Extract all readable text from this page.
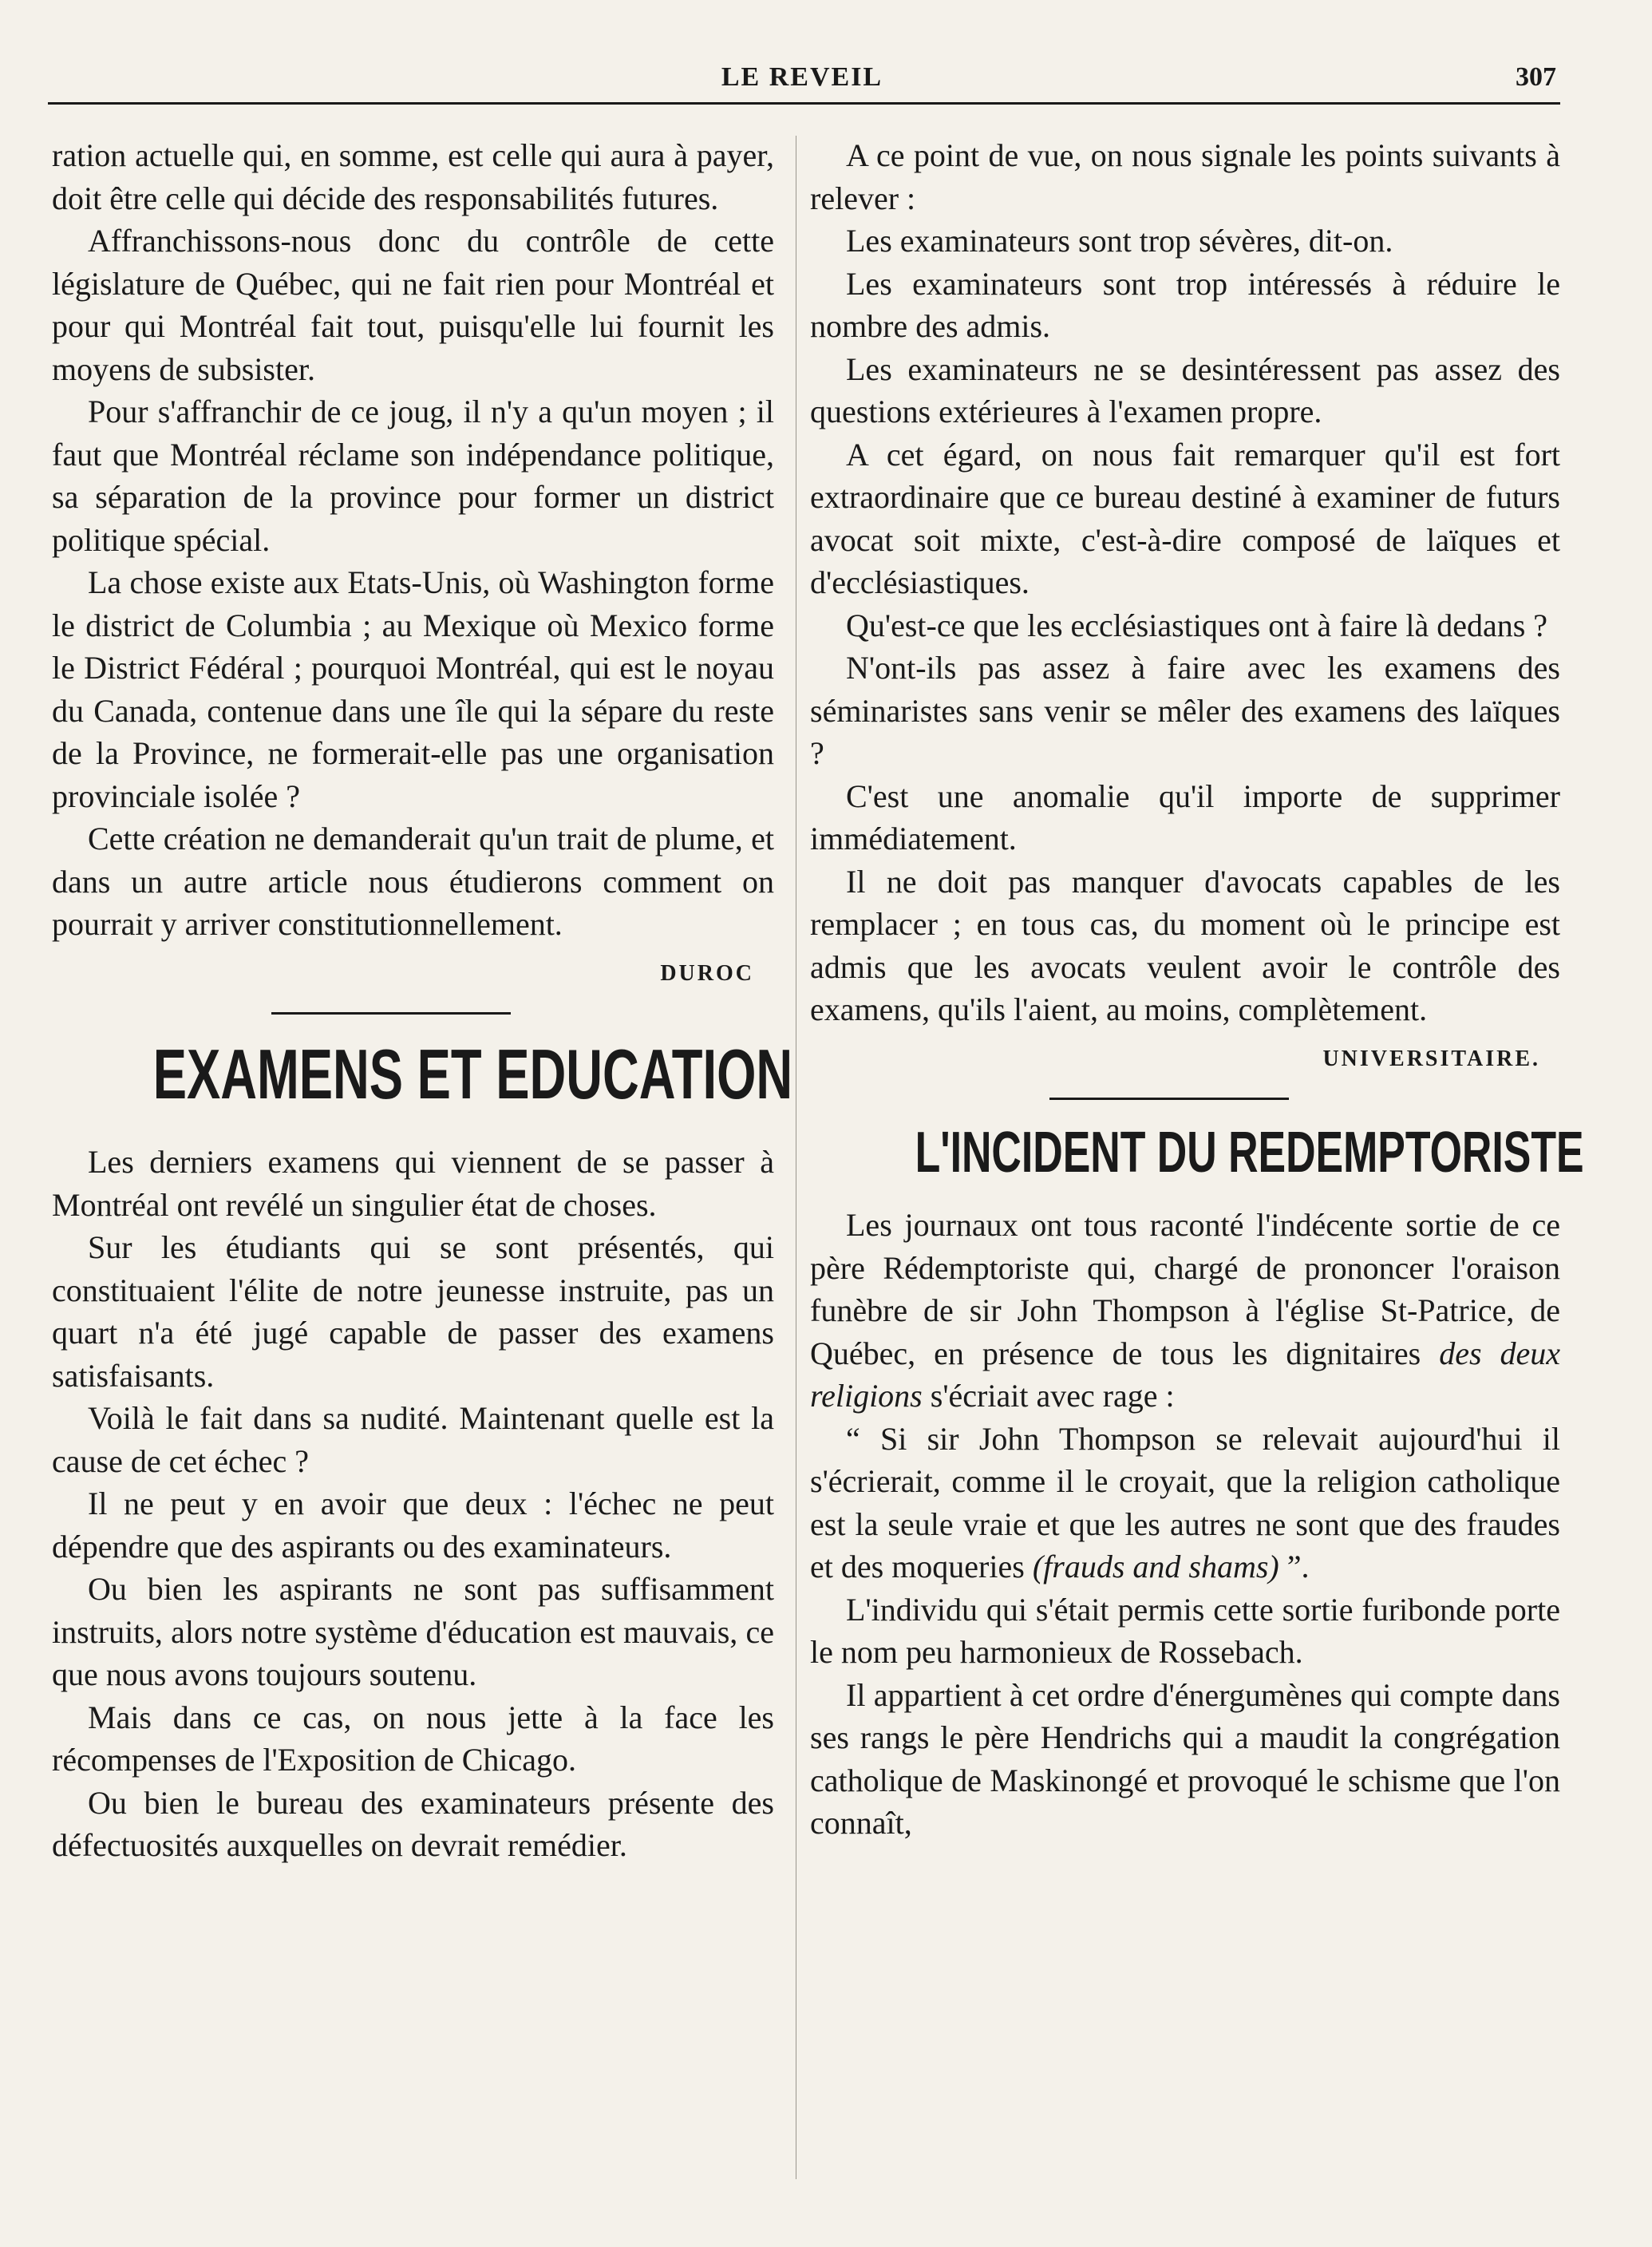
LE REVEIL	307

ration actuelle qui, en somme, est celle qui aura à payer, doit être celle qui décide des responsabilités futures.

Affranchissons-nous donc du contrôle de cette législature de Québec, qui ne fait rien pour Montréal et pour qui Montréal fait tout, puisqu'elle lui fournit les moyens de subsister.

Pour s'affranchir de ce joug, il n'y a qu'un moyen ; il faut que Montréal réclame son indépendance politique, sa séparation de la province pour former un district politique spécial.

La chose existe aux Etats-Unis, où Washington forme le district de Columbia ; au Mexique où Mexico forme le District Fédéral ; pourquoi Montréal, qui est le noyau du Canada, contenue dans une île qui la sépare du reste de la Province, ne formerait-elle pas une organisation provinciale isolée ?

Cette création ne demanderait qu'un trait de plume, et dans un autre article nous étudierons comment on pourrait y arriver constitutionnellement.

DUROC
EXAMENS ET EDUCATION

Les derniers examens qui viennent de se passer à Montréal ont revélé un singulier état de choses.

Sur les étudiants qui se sont présentés, qui constituaient l'élite de notre jeunesse instruite, pas un quart n'a été jugé capable de passer des examens satisfaisants.

Voilà le fait dans sa nudité. Maintenant quelle est la cause de cet échec ?

Il ne peut y en avoir que deux : l'échec ne peut dépendre que des aspirants ou des examinateurs.

Ou bien les aspirants ne sont pas suffisamment instruits, alors notre système d'éducation est mauvais, ce que nous avons toujours soutenu.

Mais dans ce cas, on nous jette à la face les récompenses de l'Exposition de Chicago.

Ou bien le bureau des examinateurs présente des défectuosités auxquelles on devrait remédier.

A ce point de vue, on nous signale les points suivants à relever :

Les examinateurs sont trop sévères, dit-on.

Les examinateurs sont trop intéressés à réduire le nombre des admis.

Les examinateurs ne se desintéressent pas assez des questions extérieures à l'examen propre.

A cet égard, on nous fait remarquer qu'il est fort extraordinaire que ce bureau destiné à examiner de futurs avocat soit mixte, c'est-à-dire composé de laïques et d'ecclésiastiques.

Qu'est-ce que les ecclésiastiques ont à faire là dedans ?

N'ont-ils pas assez à faire avec les examens des séminaristes sans venir se mêler des examens des laïques ?

C'est une anomalie qu'il importe de supprimer immédiatement.

Il ne doit pas manquer d'avocats capables de les remplacer ; en tous cas, du moment où le principe est admis que les avocats veulent avoir le contrôle des examens, qu'ils l'aient, au moins, complètement.

UNIVERSITAIRE.
L'INCIDENT DU REDEMPTORISTE

Les journaux ont tous raconté l'indécente sortie de ce père Rédemptoriste qui, chargé de prononcer l'oraison funèbre de sir John Thompson à l'église St-Patrice, de Québec, en présence de tous les dignitaires des deux religions s'écriait avec rage :

“ Si sir John Thompson se relevait aujourd'hui il s'écrierait, comme il le croyait, que la religion catholique est la seule vraie et que les autres ne sont que des fraudes et des moqueries (frauds and shams) ”.

L'individu qui s'était permis cette sortie furibonde porte le nom peu harmonieux de Rossebach.

Il appartient à cet ordre d'énergumènes qui compte dans ses rangs le père Hendrichs qui a maudit la congrégation catholique de Maskinongé et provoqué le schisme que l'on connaît,
